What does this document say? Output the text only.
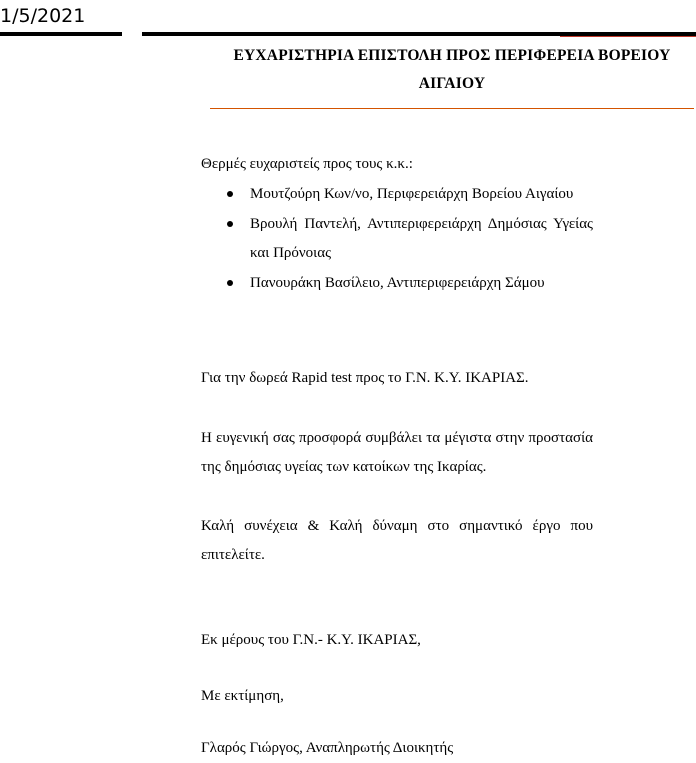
1/5/2021
ΕΥΧΑΡΙΣΤΗΡΙΑ ΕΠΙΣΤΟΛΗ ΠΡΟΣ ΠΕΡΙΦΕΡΕΙΑ ΒΟΡΕΙΟΥ
ΑΙΓΑΙΟΥ
Θερμές ευχαριστείς προς τους κ.κ.:
Μουτζούρη Κων/νο, Περιφερειάρχη Βορείου Αιγαίου
Βρουλή Παντελή, Αντιπεριφερειάρχη Δημόσιας Υγείας και Πρόνοιας
Πανουράκη Βασίλειο, Αντιπεριφερειάρχη Σάμου
Για την δωρεά Rapid test προς το Γ.Ν. Κ.Υ. ΙΚΑΡΙΑΣ.
Η ευγενική σας προσφορά συμβάλει τα μέγιστα στην προστασία της δημόσιας υγείας των κατοίκων της Ικαρίας.
Καλή συνέχεια & Καλή δύναμη στο σημαντικό έργο που επιτελείτε.
Εκ μέρους του Γ.Ν.- Κ.Υ. ΙΚΑΡΙΑΣ,
Με εκτίμηση,
Γλαρός Γιώργος, Αναπληρωτής Διοικητής
